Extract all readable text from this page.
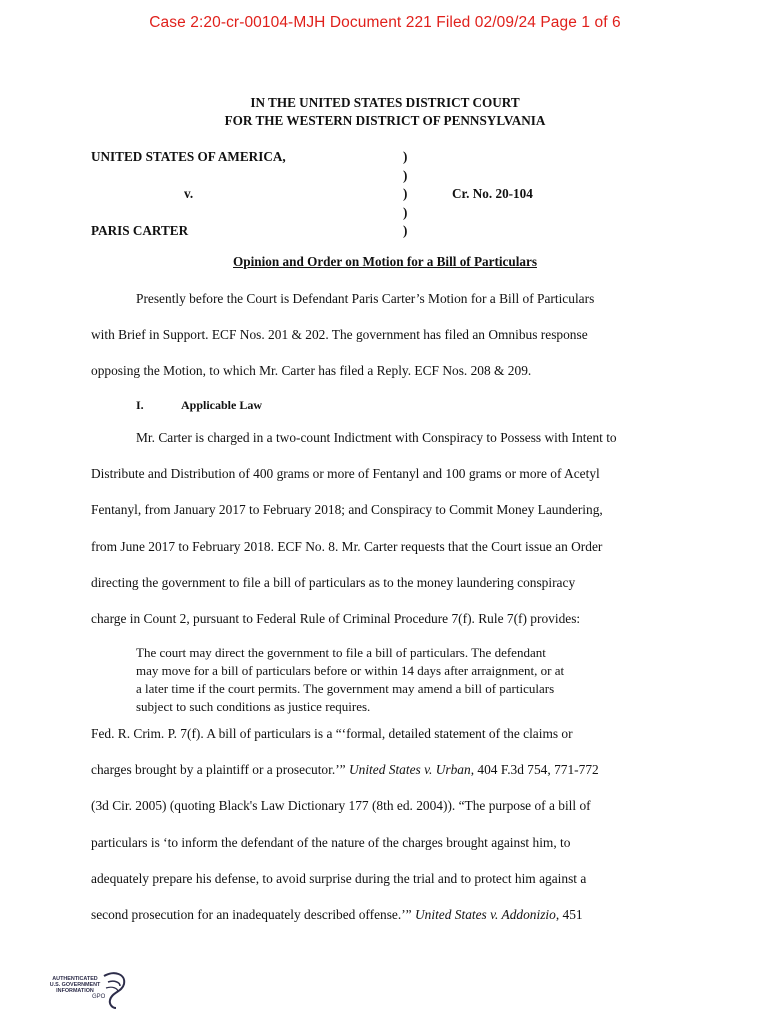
Case 2:20-cr-00104-MJH Document 221 Filed 02/09/24 Page 1 of 6
IN THE UNITED STATES DISTRICT COURT
FOR THE WESTERN DISTRICT OF PENNSYLVANIA
UNITED STATES OF AMERICA,
v.
PARIS CARTER
)
)
)
)
)
Cr. No. 20-104
Opinion and Order on Motion for a Bill of Particulars

Presently before the Court is Defendant Paris Carter’s Motion for a Bill of Particulars

with Brief in Support. ECF Nos. 201 & 202. The government has filed an Omnibus response

opposing the Motion, to which Mr. Carter has filed a Reply. ECF Nos. 208 & 209.

I.	Applicable Law

Mr. Carter is charged in a two-count Indictment with Conspiracy to Possess with Intent to

Distribute and Distribution of 400 grams or more of Fentanyl and 100 grams or more of Acetyl

Fentanyl, from January 2017 to February 2018; and Conspiracy to Commit Money Laundering,

from June 2017 to February 2018. ECF No. 8. Mr. Carter requests that the Court issue an Order

directing the government to file a bill of particulars as to the money laundering conspiracy

charge in Count 2, pursuant to Federal Rule of Criminal Procedure 7(f). Rule 7(f) provides:

The court may direct the government to file a bill of particulars. The defendant

may move for a bill of particulars before or within 14 days after arraignment, or at

a later time if the court permits. The government may amend a bill of particulars

subject to such conditions as justice requires.

Fed. R. Crim. P. 7(f). A bill of particulars is a “‘formal, detailed statement of the claims or

charges brought by a plaintiff or a prosecutor.’” United States v. Urban, 404 F.3d 754, 771-772

(3d Cir. 2005) (quoting Black's Law Dictionary 177 (8th ed. 2004)). “The purpose of a bill of

particulars is ‘to inform the defendant of the nature of the charges brought against him, to

adequately prepare his defense, to avoid surprise during the trial and to protect him against a

second prosecution for an inadequately described offense.’” United States v. Addonizio, 451

AUTHENTICATED
U.S. GOVERNMENT
INFORMATION
GPO
